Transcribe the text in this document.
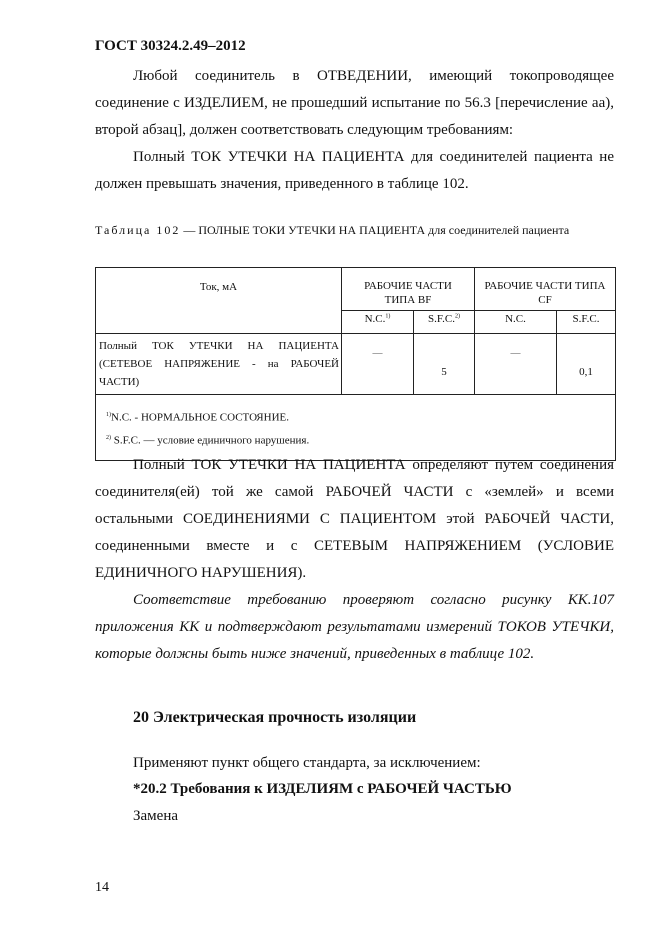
ГОСТ 30324.2.49–2012
Любой соединитель в ОТВЕДЕНИИ, имеющий токопроводящее соединение с ИЗДЕЛИЕМ, не прошедший испытание по 56.3 [перечисление аа), второй абзац], должен соответствовать следующим требованиям:
Полный ТОК УТЕЧКИ НА ПАЦИЕНТА для соединителей пациента не должен превышать значения, приведенного в таблице 102.
Таблица 102 — ПОЛНЫЕ ТОКИ УТЕЧКИ НА ПАЦИЕНТА для соединителей пациента
Ток, мА	РАБОЧИЕ ЧАСТИ ТИПА BF		РАБОЧИЕ ЧАСТИ ТИПА CF	
	N.C.$^{1)}$	S.F.C.$^{2)}$	N.C.	S.F.C.
Полный ТОК УТЕЧКИ НА ПАЦИЕНТА (СЕТЕВОЕ НАПРЯЖЕНИЕ - на РАБОЧЕЙ ЧАСТИ)	—	5	—	0,1

$^{1)}$N.C. - НОРМАЛЬНОЕ СОСТОЯНИЕ.
$^{2)}$ S.F.C. — условие единичного нарушения.				
Полный ТОК УТЕЧКИ НА ПАЦИЕНТА определяют путем соединения соединителя(ей) той же самой РАБОЧЕЙ ЧАСТИ с «землей» и всеми остальными СОЕДИНЕНИЯМИ С ПАЦИЕНТОМ этой РАБОЧЕЙ ЧАСТИ, соединенными вместе и с СЕТЕВЫМ НАПРЯЖЕНИЕМ (УСЛОВИЕ ЕДИНИЧНОГО НАРУШЕНИЯ).
Соответствие требованию проверяют согласно рисунку КК.107 приложения КК и подтверждают результатами измерений ТОКОВ УТЕЧКИ, которые должны быть ниже значений, приведенных в таблице 102.
20 Электрическая прочность изоляции
Применяют пункт общего стандарта, за исключением:
*20.2 Требования к ИЗДЕЛИЯМ с РАБОЧЕЙ ЧАСТЬЮ
Замена
14
